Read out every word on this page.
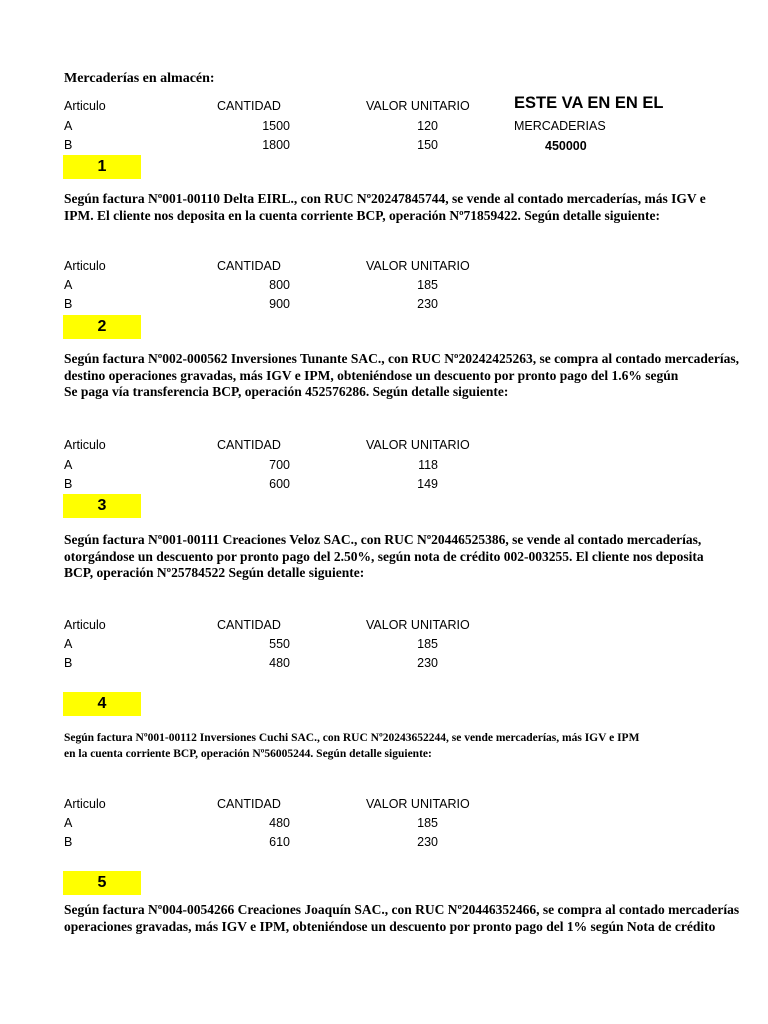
Mercaderías en almacén:
ESTE VA EN EN EL
MERCADERIAS
450000
Articulo	CANTIDAD	VALOR UNITARIO
A	1500	120
B	1800	150
1
Según factura Nº001-00110 Delta EIRL., con RUC Nº20247845744, se vende al contado mercaderías, más IGV e
IPM. El cliente nos deposita en la cuenta corriente BCP, operación Nº71859422. Según detalle siguiente:
Articulo	CANTIDAD	VALOR UNITARIO
A	800	185
B	900	230
2
Según factura Nº002-000562 Inversiones Tunante SAC., con RUC Nº20242425263, se compra al contado mercaderías,
destino operaciones gravadas, más IGV e IPM, obteniéndose un descuento por pronto pago del 1.6% según
Se paga vía transferencia BCP, operación 452576286. Según detalle siguiente:
Articulo	CANTIDAD	VALOR UNITARIO
A	700	118
B	600	149
3
Según factura Nº001-00111 Creaciones Veloz SAC., con RUC Nº20446525386, se vende al contado mercaderías,
otorgándose un descuento por pronto pago del 2.50%, según nota de crédito 002-003255. El cliente nos deposita
BCP, operación Nº25784522 Según detalle siguiente:
Articulo	CANTIDAD	VALOR UNITARIO
A	550	185
B	480	230
4
Según factura Nº001-00112 Inversiones Cuchi SAC., con RUC Nº20243652244, se vende mercaderías, más IGV e IPM
en la cuenta corriente BCP, operación Nº56005244. Según detalle siguiente:
Articulo	CANTIDAD	VALOR UNITARIO
A	480	185
B	610	230
5
Según factura Nº004-0054266 Creaciones Joaquín SAC., con RUC Nº20446352466, se compra al contado mercaderías
operaciones gravadas, más IGV e IPM, obteniéndose un descuento por pronto pago del 1% según Nota de crédito
